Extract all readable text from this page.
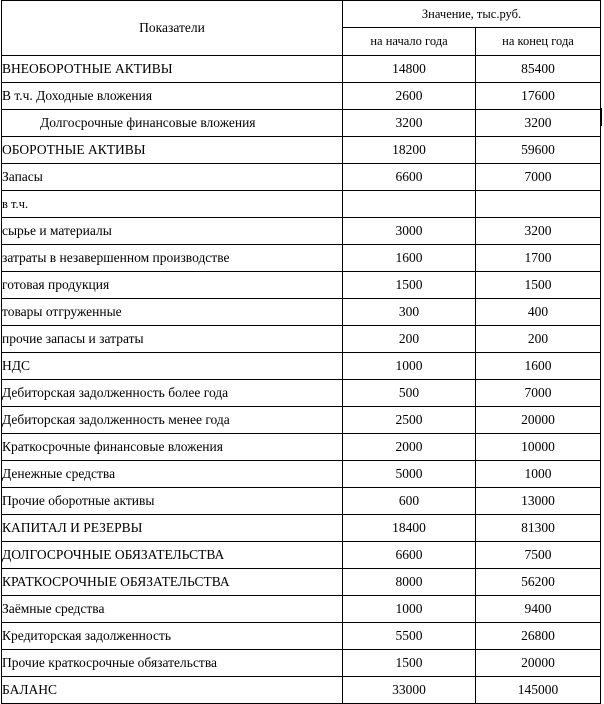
Показатели	Значение, тыс.руб.	
	на начало года	на конец года
ВНЕОБОРОТНЫЕ АКТИВЫ	14800	85400
В т.ч. Доходные вложения	2600	17600
Долгосрочные финансовые вложения	3200	3200
ОБОРОТНЫЕ АКТИВЫ	18200	59600
Запасы	6600	7000
в т.ч.		
сырье и материалы	3000	3200
затраты в незавершенном производстве	1600	1700
готовая продукция	1500	1500
товары отгруженные	300	400
прочие запасы и затраты	200	200
НДС	1000	1600
Дебиторская задолженность более года	500	7000
Дебиторская задолженность менее года	2500	20000
Краткосрочные финансовые вложения	2000	10000
Денежные средства	5000	1000
Прочие оборотные активы	600	13000
КАПИТАЛ И РЕЗЕРВЫ	18400	81300
ДОЛГОСРОЧНЫЕ ОБЯЗАТЕЛЬСТВА	6600	7500
КРАТКОСРОЧНЫЕ ОБЯЗАТЕЛЬСТВА	8000	56200
Заёмные средства	1000	9400
Кредиторская задолженность	5500	26800
Прочие краткосрочные обязательства	1500	20000
БАЛАНС	33000	145000
